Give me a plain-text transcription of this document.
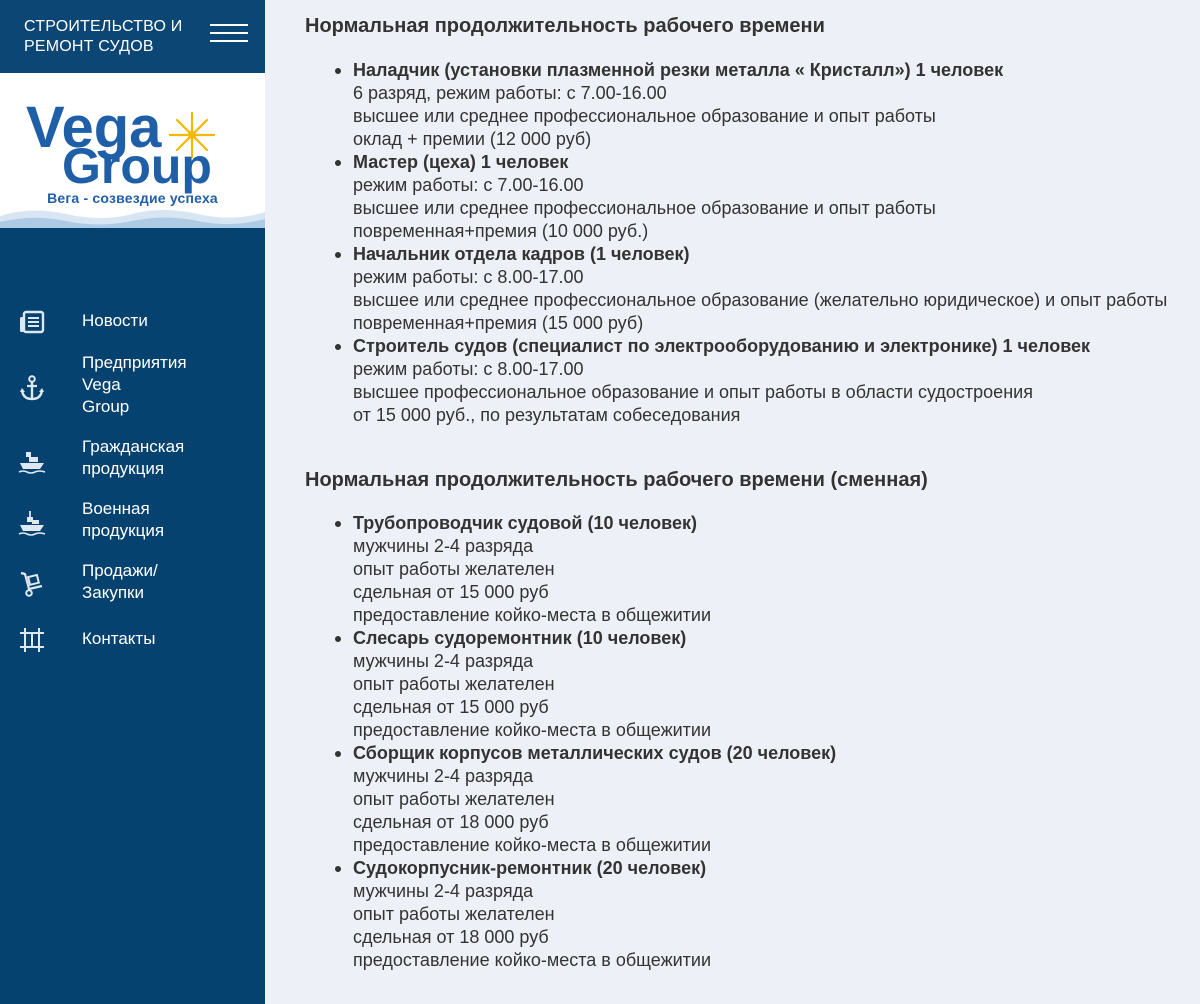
СТРОИТЕЛЬСТВО И
РЕМОНТ СУДОВ
Vega
Group
Вега - созвездие успеха
Новости
Предприятия
Vega
Group
Гражданская
продукция
Военная
продукция
Продажи/
Закупки
Контакты
Нормальная продолжительность рабочего времени
Наладчик (установки плазменной резки металла « Кристалл») 1 человек
6 разряд, режим работы: с 7.00-16.00
высшее или среднее профессиональное образование и опыт работы
оклад + премии (12 000 руб)
Мастер (цеха) 1 человек
режим работы: с 7.00-16.00
высшее или среднее профессиональное образование и опыт работы
повременная+премия (10 000 руб.)
Начальник отдела кадров (1 человек)
режим работы: с 8.00-17.00
высшее или среднее профессиональное образование (желательно юридическое) и опыт работы
повременная+премия (15 000 руб)
Строитель судов (специалист по электрооборудованию и электронике) 1 человек
режим работы: с 8.00-17.00
высшее профессиональное образование и опыт работы в области судостроения
от 15 000 руб., по результатам собеседования
Нормальная продолжительность рабочего времени (сменная)
Трубопроводчик судовой (10 человек)
мужчины 2-4 разряда
опыт работы желателен
сдельная от 15 000 руб
предоставление койко-места в общежитии
Слесарь судоремонтник (10 человек)
мужчины 2-4 разряда
опыт работы желателен
сдельная от 15 000 руб
предоставление койко-места в общежитии
Сборщик корпусов металлических судов (20 человек)
мужчины 2-4 разряда
опыт работы желателен
сдельная от 18 000 руб
предоставление койко-места в общежитии
Судокорпусник-ремонтник (20 человек)
мужчины 2-4 разряда
опыт работы желателен
сдельная от 18 000 руб
предоставление койко-места в общежитии
